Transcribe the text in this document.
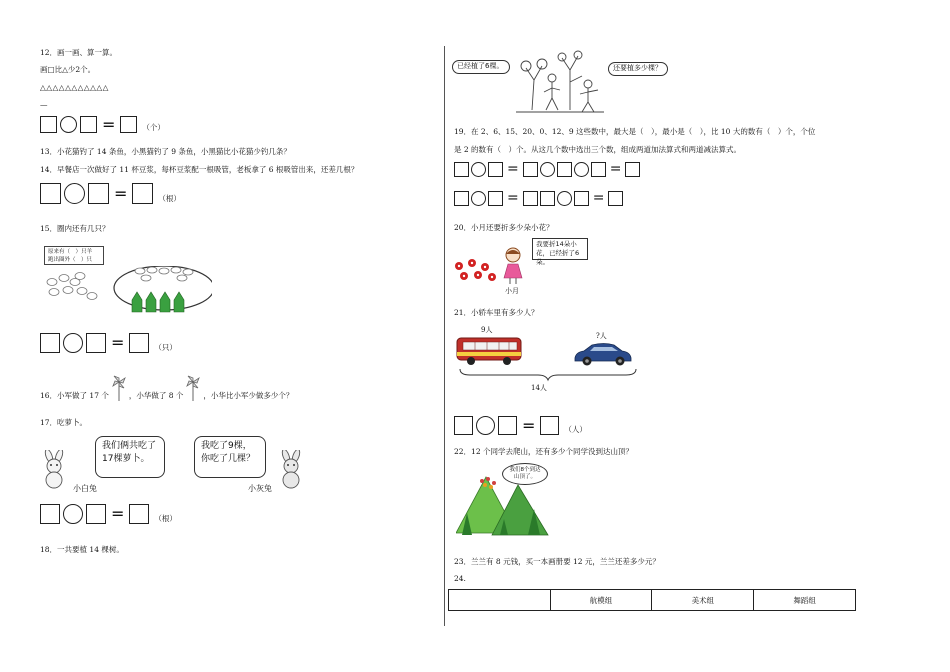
12．画一画、算一算。
画□比△少2个。
△△△△△△△△△△△
—
=	（个）
13．小花猫钓了 14 条鱼，小黑猫钓了 9 条鱼，小黑猫比小花猫少钓几条？
14．早餐店一次做好了 11 杯豆浆，每杯豆浆配一根吸管，老板拿了 6 根吸管出来，还差几根？
=	（根）
15．圈内还有几只？
原来有（　）只羊
跑出圈外（　）只
=	（只）
16．小军做了 17 个	，小华做了 8 个	，小华比小军少做多少个？
17．吃萝卜。
我们俩共吃了17棵萝卜。
小白兔
我吃了9棵，你吃了几棵？
小灰兔
=	（根）
18．一共要植 14 棵树。
已经植了6棵。	还要植多少棵？
19．在 2、6、15、20、0、12、9 这些数中，最大是（　），最小是（　），比 10 大的数有（　）个，个位
是 2 的数有（　）个。从这几个数中选出三个数，组成两道加法算式和两道减法算式。
=	=
=	=
20．小月还要折多少朵小花？
小月
我要折14朵小花，已经折了6朵。
21．小轿车里有多少人？
9人
?人
14人
=	（人）
22．12 个同学去爬山，还有多少个同学没到达山顶？
我们8个到达山顶了。
23．兰兰有 8 元钱，买一本画册要 12 元，兰兰还差多少元？
24.
	航模组	美术组	舞蹈组
